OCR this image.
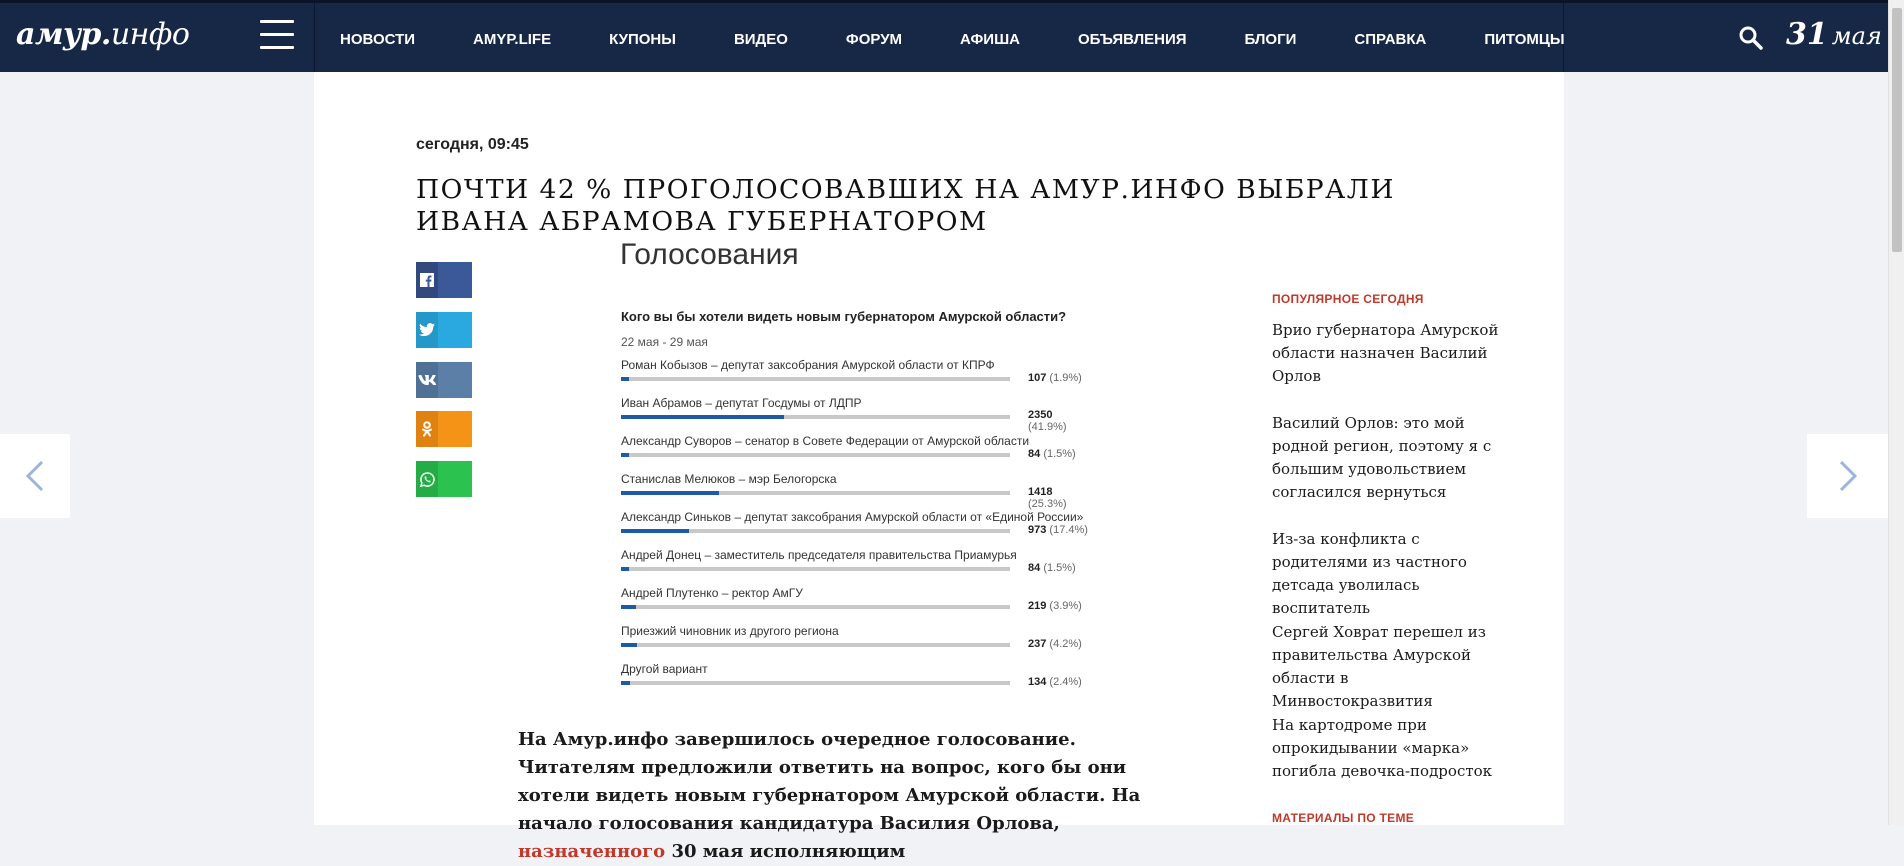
амур.инфо	НОВОСТИ	AMYP.LIFE	КУПОНЫ	ВИДЕО	ФОРУМ	АФИША	ОБЪЯВЛЕНИЯ	БЛОГИ	СПРАВКА	ПИТОМЦЫ	31 мая
сегодня, 09:45
ПОЧТИ 42 % ПРОГОЛОСОВАВШИХ НА АМУР.ИНФО ВЫБРАЛИ ИВАНА АБРАМОВА ГУБЕРНАТОРОМ
Голосования
Кого вы бы хотели видеть новым губернатором Амурской области?
22 мая - 29 мая
Роман Кобызов – депутат заксобрания Амурской области от КПРФ
107 (1.9%)
Иван Абрамов – депутат Госдумы от ЛДПР
2350
(41.9%)
Александр Суворов – сенатор в Совете Федерации от Амурской области
84 (1.5%)
Станислав Мелюков – мэр Белогорска
1418
(25.3%)
Александр Синьков – депутат заксобрания Амурской области от «Единой России»
973 (17.4%)
Андрей Донец – заместитель председателя правительства Приамурья
84 (1.5%)
Андрей Плутенко – ректор АмГУ
219 (3.9%)
Приезжий чиновник из другого региона
237 (4.2%)
Другой вариант
134 (2.4%)
На Амур.инфо завершилось очередное голосование. Читателям предложили ответить на вопрос, кого бы они хотели видеть новым губернатором Амурской области. На начало голосования кандидатура Василия Орлова, назначенного 30 мая исполняющим
ПОПУЛЯРНОЕ СЕГОДНЯ
Врио губернатора Амурской области назначен Василий Орлов
Василий Орлов: это мой родной регион, поэтому я с большим удовольствием согласился вернуться
Из-за конфликта с родителями из частного детсада уволилась воспитатель
Сергей Ховрат перешел из правительства Амурской области в Минвостокразвития
На картодроме при опрокидывании «марка» погибла девочка-подросток
МАТЕРИАЛЫ ПО ТЕМЕ
